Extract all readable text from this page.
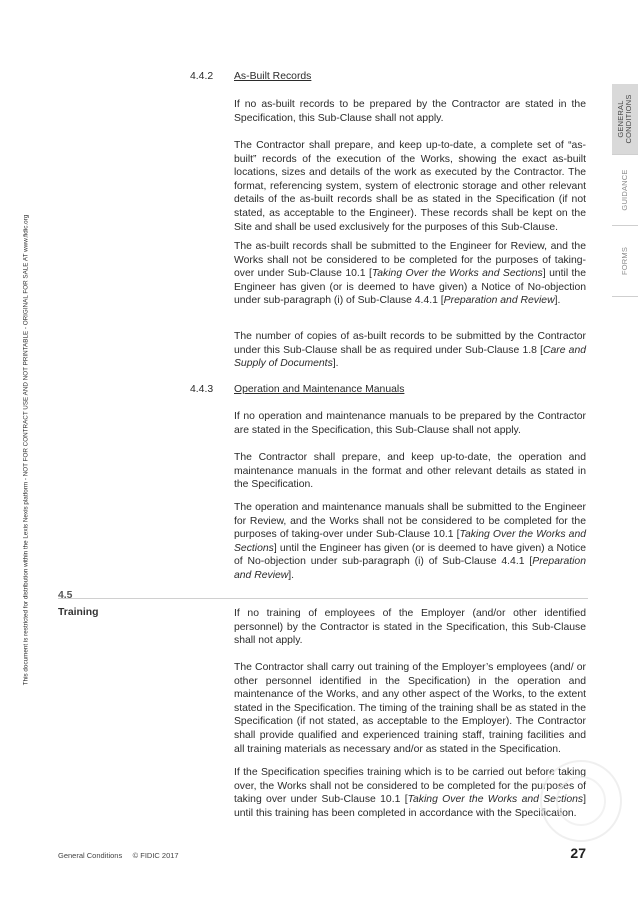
This document is restricted for distribution within the Lexis Nexis platform - NOT FOR CONTRACT USE AND NOT PRINTABLE - ORIGINAL FOR SALE AT www.fidic.org
GENERAL CONDITIONS
GUIDANCE
FORMS
4.4.2 As-Built Records
If no as-built records to be prepared by the Contractor are stated in the Specification, this Sub-Clause shall not apply.
The Contractor shall prepare, and keep up-to-date, a complete set of “as-built” records of the execution of the Works, showing the exact as-built locations, sizes and details of the work as executed by the Contractor. The format, referencing system, system of electronic storage and other relevant details of the as-built records shall be as stated in the Specification (if not stated, as acceptable to the Engineer). These records shall be kept on the Site and shall be used exclusively for the purposes of this Sub-Clause.
The as-built records shall be submitted to the Engineer for Review, and the Works shall not be considered to be completed for the purposes of taking-over under Sub-Clause 10.1 [Taking Over the Works and Sections] until the Engineer has given (or is deemed to have given) a Notice of No-objection under sub-paragraph (i) of Sub-Clause 4.4.1 [Preparation and Review].
The number of copies of as-built records to be submitted by the Contractor under this Sub-Clause shall be as required under Sub-Clause 1.8 [Care and Supply of Documents].
4.4.3 Operation and Maintenance Manuals
If no operation and maintenance manuals to be prepared by the Contractor are stated in the Specification, this Sub-Clause shall not apply.
The Contractor shall prepare, and keep up-to-date, the operation and maintenance manuals in the format and other relevant details as stated in the Specification.
The operation and maintenance manuals shall be submitted to the Engineer for Review, and the Works shall not be considered to be completed for the purposes of taking-over under Sub-Clause 10.1 [Taking Over the Works and Sections] until the Engineer has given (or is deemed to have given) a Notice of No-objection under sub-paragraph (i) of Sub-Clause 4.4.1 [Preparation and Review].
4.5
Training	If no training of employees of the Employer (and/or other identified personnel) by the Contractor is stated in the Specification, this Sub-Clause shall not apply.
The Contractor shall carry out training of the Employer’s employees (and/ or other personnel identified in the Specification) in the operation and maintenance of the Works, and any other aspect of the Works, to the extent stated in the Specification. The timing of the training shall be as stated in the Specification (if not stated, as acceptable to the Employer). The Contractor shall provide qualified and experienced training staff, training facilities and all training materials as necessary and/or as stated in the Specification.
If the Specification specifies training which is to be carried out before taking over, the Works shall not be considered to be completed for the purposes of taking over under Sub-Clause 10.1 [Taking Over the Works and Sections] until this training has been completed in accordance with the Specification.
General Conditions     © FIDIC 2017	27
